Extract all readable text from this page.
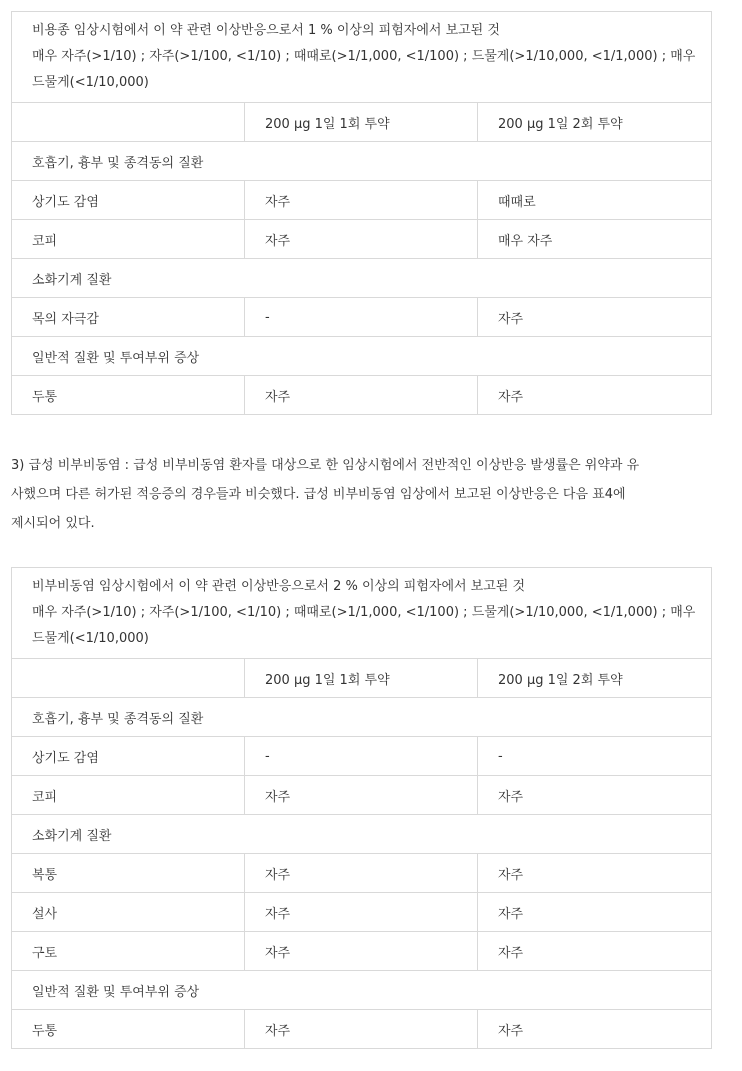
비용종 임상시험에서 이 약 관련 이상반응으로서 1 % 이상의 피험자에서 보고된 것
매우 자주(>1/10) ; 자주(>1/100, <1/10) ; 때때로(>1/1,000, <1/100) ; 드물게(>1/10,000, <1/1,000) ; 매우
드물게(<1/10,000)		

	200 μg 1일 1회 투약	200 μg 1일 2회 투약
호흡기, 흉부 및 종격동의 질환		
상기도 감염	자주	때때로
코피	자주	매우 자주
소화기계 질환		
목의 자극감	-	자주
일반적 질환 및 투여부위 증상		
두통	자주	자주
3) 급성 비부비동염 : 급성 비부비동염 환자를 대상으로 한 임상시험에서 전반적인 이상반응 발생률은 위약과 유
사했으며 다른 허가된 적응증의 경우들과 비슷했다. 급성 비부비동염 임상에서 보고된 이상반응은 다음 표4에
제시되어 있다.
비부비동염 임상시험에서 이 약 관련 이상반응으로서 2 % 이상의 피험자에서 보고된 것
매우 자주(>1/10) ; 자주(>1/100, <1/10) ; 때때로(>1/1,000, <1/100) ; 드물게(>1/10,000, <1/1,000) ; 매우
드물게(<1/10,000)		

	200 μg 1일 1회 투약	200 μg 1일 2회 투약
호흡기, 흉부 및 종격동의 질환		
상기도 감염	-	-
코피	자주	자주
소화기계 질환		
복통	자주	자주
설사	자주	자주
구토	자주	자주
일반적 질환 및 투여부위 증상		
두통	자주	자주
